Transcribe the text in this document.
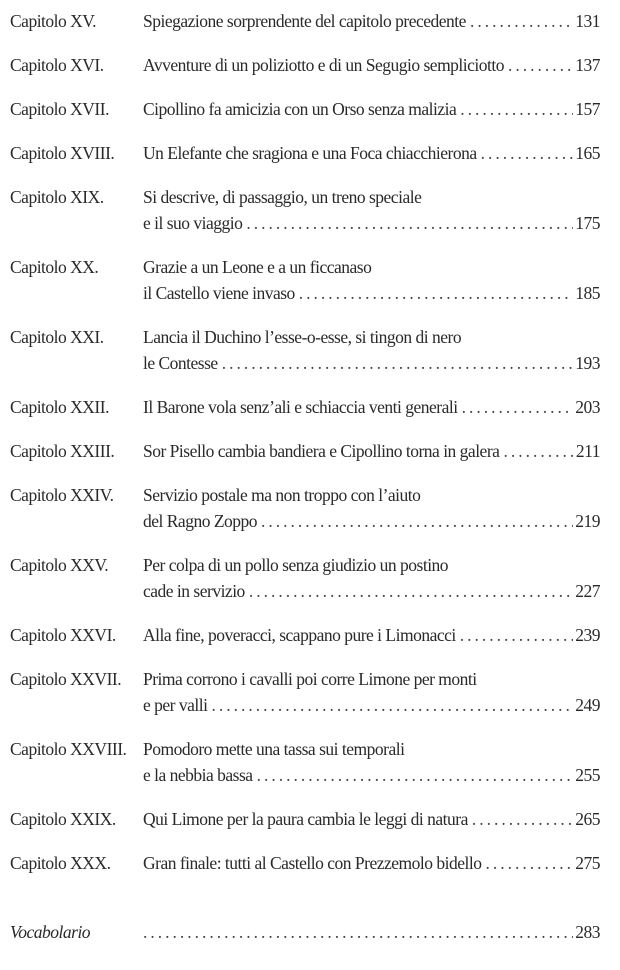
Capitolo XV.	Spiegazione sorprendente del capitolo precedente .....	131
Capitolo XVI.	Avventure di un poliziotto e di un Segugio sempliciotto .....	137
Capitolo XVII.	Cipollino fa amicizia con un Orso senza malizia .....	157
Capitolo XVIII.	Un Elefante che sragiona e una Foca chiacchierona .....	165
Capitolo XIX.	Si descrive, di passaggio, un treno speciale
e il suo viaggio .....	175
Capitolo XX.	Grazie a un Leone e a un ficcanaso
il Castello viene invaso .....	185
Capitolo XXI.	Lancia il Duchino l’esse-o-esse, si tingon di nero
le Contesse .....	193
Capitolo XXII.	Il Barone vola senz’ali e schiaccia venti generali .....	203
Capitolo XXIII.	Sor Pisello cambia bandiera e Cipollino torna in galera .....	211
Capitolo XXIV.	Servizio postale ma non troppo con l’aiuto
del Ragno Zoppo .....	219
Capitolo XXV.	Per colpa di un pollo senza giudizio un postino
cade in servizio .....	227
Capitolo XXVI.	Alla fine, poveracci, scappano pure i Limonacci .....	239
Capitolo XXVII.	Prima corrono i cavalli poi corre Limone per monti
e per valli .....	249
Capitolo XXVIII. Pomodoro mette una tassa sui temporali
e la nebbia bassa .....	255
Capitolo XXIX.	Qui Limone per la paura cambia le leggi di natura .....	265
Capitolo XXX.	Gran finale: tutti al Castello con Prezzemolo bidello .....	275
Vocabolario .....	283
